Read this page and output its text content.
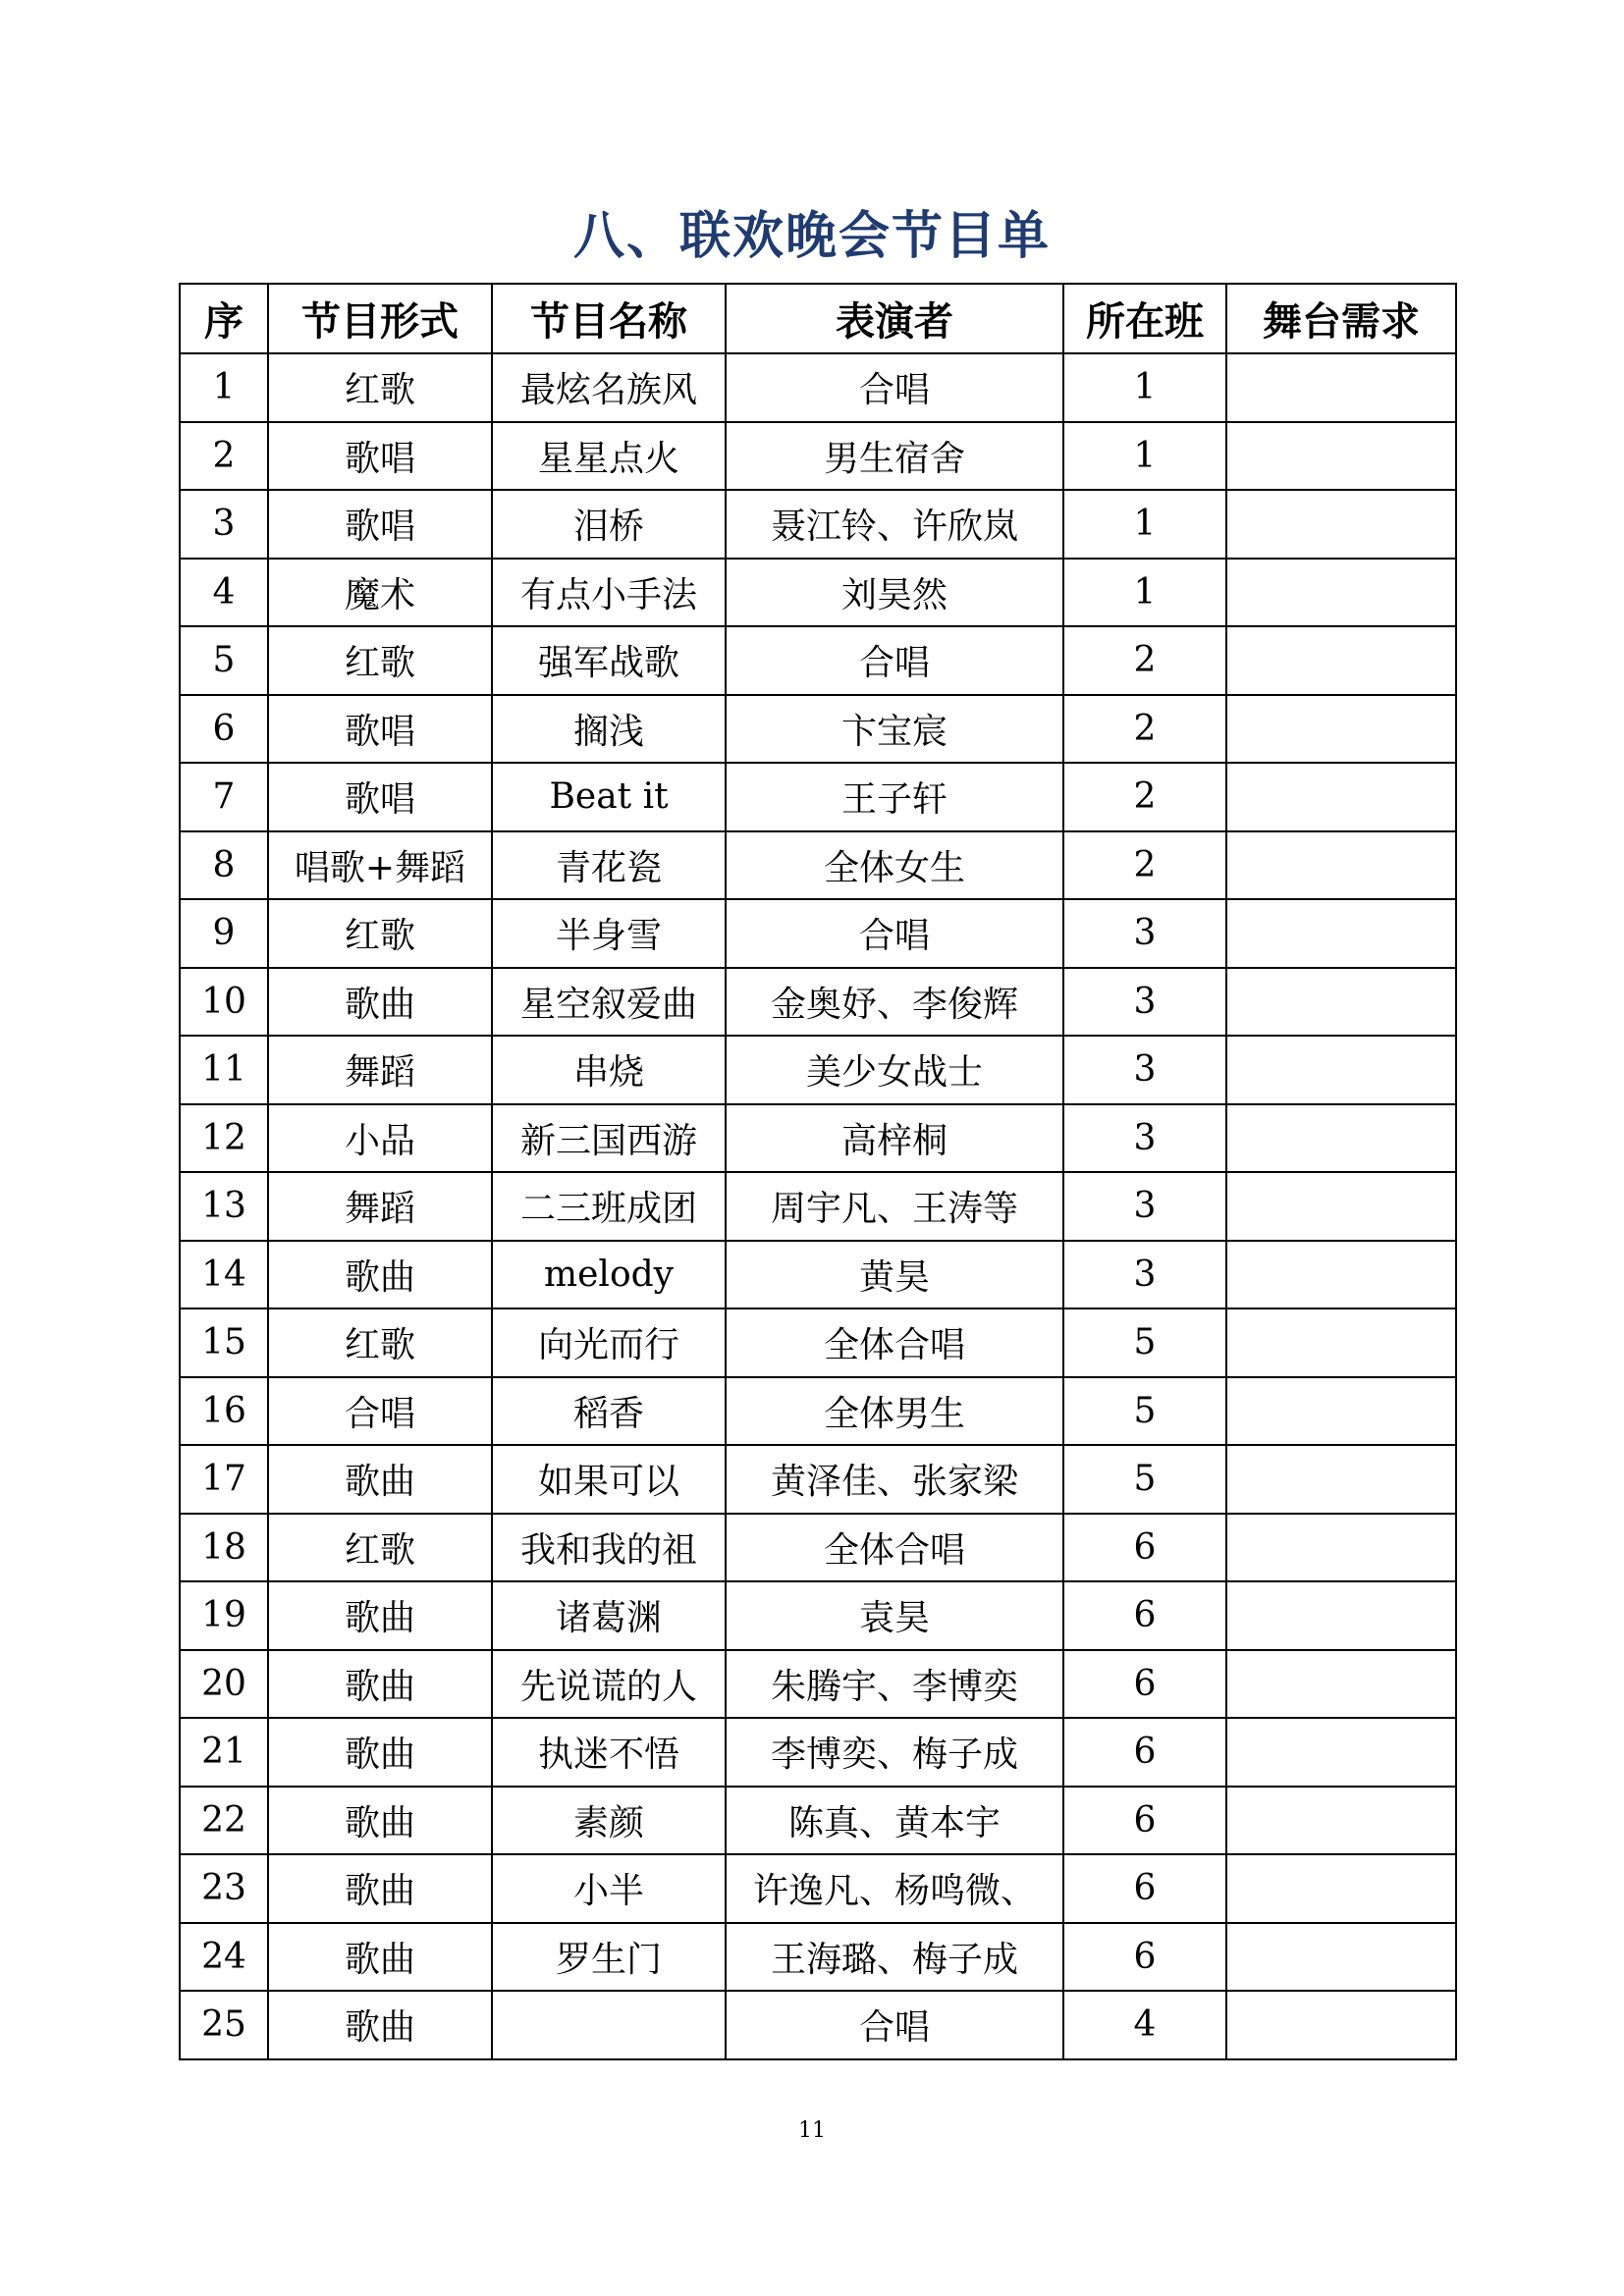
八、联欢晚会节目单
序	节目形式	节目名称	表演者	所在班	舞台需求
1	红歌	最炫名族风	合唱	1	
2	歌唱	星星点火	男生宿舍	1	
3	歌唱	泪桥	聂江铃、许欣岚	1	
4	魔术	有点小手法	刘昊然	1	
5	红歌	强军战歌	合唱	2	
6	歌唱	搁浅	卞宝宸	2	
7	歌唱	Beat it	王子轩	2	
8	唱歌+舞蹈	青花瓷	全体女生	2	
9	红歌	半身雪	合唱	3	
10	歌曲	星空叙爱曲	金奥妤、李俊辉	3	
11	舞蹈	串烧	美少女战士	3	
12	小品	新三国西游	高梓桐	3	
13	舞蹈	二三班成团	周宇凡、王涛等	3	
14	歌曲	melody	黄昊	3	
15	红歌	向光而行	全体合唱	5	
16	合唱	稻香	全体男生	5	
17	歌曲	如果可以	黄泽佳、张家梁	5	
18	红歌	我和我的祖	全体合唱	6	
19	歌曲	诸葛渊	袁昊	6	
20	歌曲	先说谎的人	朱腾宇、李博奕	6	
21	歌曲	执迷不悟	李博奕、梅子成	6	
22	歌曲	素颜	陈真、黄本宇	6	
23	歌曲	小半	许逸凡、杨鸣微、	6	
24	歌曲	罗生门	王海璐、梅子成	6	
25	歌曲		合唱	4	
11
